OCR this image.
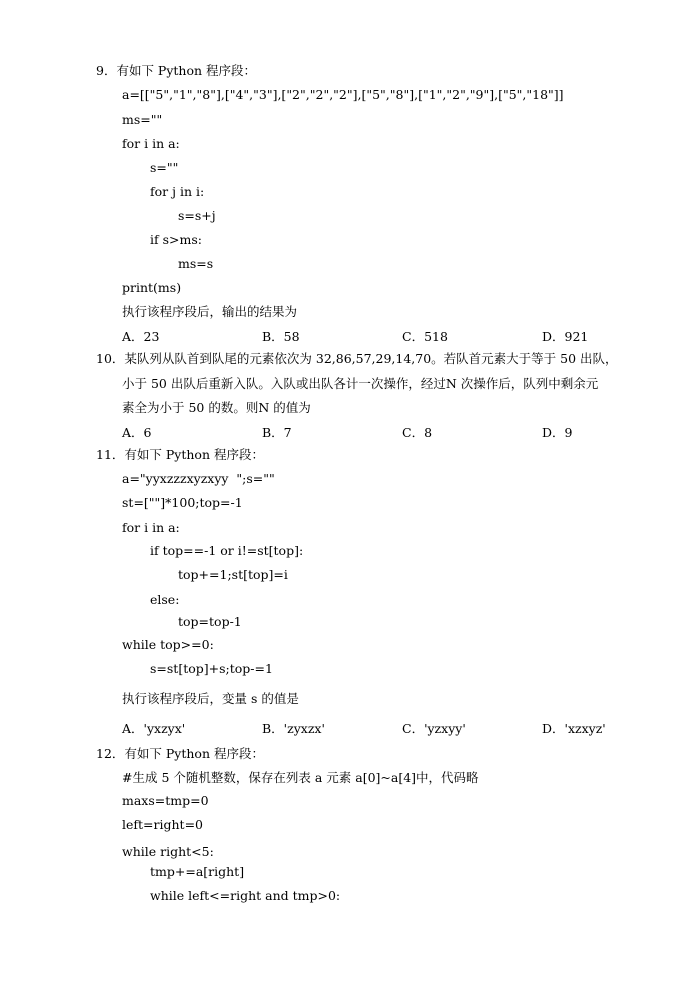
9．有如下 Python 程序段：
a=[["5","1","8"],["4","3"],["2","2","2"],["5","8"],["1","2","9"],["5","18"]]
ms=""
for i in a:
s=""
for j in i:
s=s+j
if s>ms:
ms=s
print(ms)
执行该程序段后，输出的结果为
A．23	B．58	C．518	D．921
10．某队列从队首到队尾的元素依次为 32,86,57,29,14,70。若队首元素大于等于 50 出队，
小于 50 出队后重新入队。入队或出队各计一次操作，经过N 次操作后，队列中剩余元
素全为小于 50 的数。则N 的值为
A．6	B．7	C．8	D．9
11．有如下 Python 程序段：
a="yyxzzzxyzxyy  ";s=""
st=[""]*100;top=-1
for i in a:
if top==-1 or i!=st[top]:
top+=1;st[top]=i
else:
top=top-1
while top>=0:
s=st[top]+s;top-=1
执行该程序段后，变量 s 的值是
A．'yxzyx'	B．'zyxzx'	C．'yzxyy'	D．'xzxyz'
12．有如下 Python 程序段：
#生成 5 个随机整数，保存在列表 a 元素 a[0]~a[4]中，代码略
maxs=tmp=0
left=right=0
while right<5:
tmp+=a[right]
while left<=right and tmp>0:
